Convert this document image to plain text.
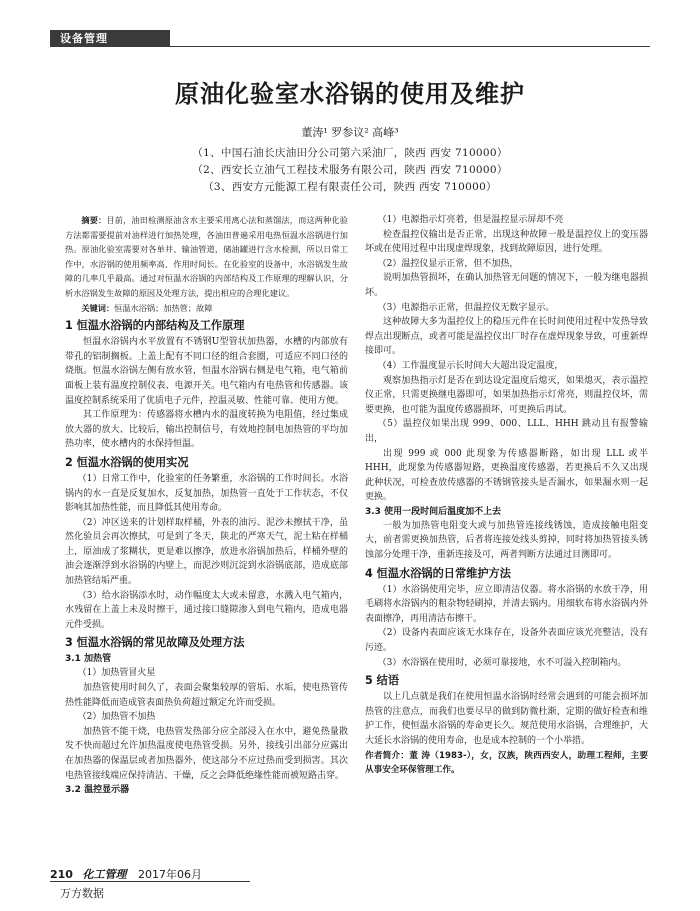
设备管理
原油化验室水浴锅的使用及维护
董涛¹ 罗参议² 高峰³
（1、中国石油长庆油田分公司第六采油厂，陕西 西安 710000）
（2、西安长立油气工程技术服务有限公司，陕西 西安 710000）
（3、西安方元能源工程有限责任公司，陕西 西安 710000）

摘要：目前，油田检测原油含水主要采用离心法和蒸馏法，而这两种化验方法都需要提前对油样进行加热处理，各油田普遍采用电热恒温水浴锅进行加热。原油化验室需要对各单井、输油管道，储油罐进行含水检测，所以日常工作中，水浴锅的使用频率高、作用时间长。在化验室的设备中，水浴锅发生故障的几率几乎最高。通过对恒温水浴锅的内部结构及工作原理的理解认识，分析水浴锅发生故障的原因及处理方法，提出相应的合理化建议。

关键词：恒温水浴锅；加热管；故障

1 恒温水浴锅的内部结构及工作原理

恒温水浴锅内水平放置有不锈钢U型管状加热器，水槽的内部放有带孔的铝制搁板。上盖上配有不同口径的组合套圈，可适应不同口径的烧瓶。恒温水浴锅左侧有放水管，恒温水浴锅右侧是电气箱，电气箱前面板上装有温度控制仪表、电源开关。电气箱内有电热管和传感器。该温度控制系统采用了优质电子元件，控温灵敏、性能可靠、使用方便。

其工作原理为：传感器将水槽内水的温度转换为电阻值，经过集成放大器的放大、比较后，输出控制信号，有效地控制电加热管的平均加热功率，使水槽内的水保持恒温。

2 恒温水浴锅的使用实况

（1）日常工作中，化验室的任务繁重，水浴锅的工作时间长。水浴锅内的水一直是反复加水，反复加热，加热管一直处于工作状态，不仅影响其加热性能，而且降低其使用寿命。

（2）冲区送来的计划样取样桶，外表的油污、泥沙未擦拭干净，虽然化验员会再次擦拭，可是到了冬天，陕北的严寒天气，泥土粘在样桶上，原油成了浆糊状，更是难以擦净，放进水浴锅加热后，样桶外壁的油会逐渐浮到水浴锅的内壁上，而泥沙则沉淀到水浴锅底部，造成底部加热管结垢严重。

（3）给水浴锅添水时，动作幅度太大或未留意，水溅入电气箱内，水残留在上盖上未及时擦干，通过接口缝隙渗入到电气箱内，造成电器元件受损。

3 恒温水浴锅的常见故障及处理方法
3.1 加热管

（1）加热管冒火星

加热管使用时间久了，表面会聚集较厚的管垢、水垢，使电热管传热性能降低而造成管表面热负荷超过额定允许而受损。

（2）加热管不加热

加热管不能干烧，电热管发热部分应全部浸入在水中，避免热量散发不快而超过允许加热温度使电热管受损。另外，接线引出部分应露出在加热器的保温层或者加热器外，使这部分不应过热而受到损害。其次电热管接线端应保持清洁、干燥，反之会降低绝缘性能而被短路击穿。

3.2 温控显示器

（1）电源指示灯亮着，但是温控显示屏却不亮

检查温控仪输出是否正常，出现这种故障一般是温控仪上的变压器坏或在使用过程中出现虚焊现象，找到故障原因，进行处理。

（2）温控仪显示正常，但不加热，

说明加热管损坏，在确认加热管无问题的情况下，一般为继电器损坏。

（3）电源指示正常，但温控仪无数字显示。

这种故障大多为温控仪上的稳压元件在长时间使用过程中发热导致焊点出现断点，或者可能是温控仪出厂时存在虚焊现象导致，可重新焊接即可。

（4）工作温度显示长时间大大超出设定温度，

观察加热指示灯是否在到达设定温度后熄灭，如果熄灭，表示温控仪正常，只需更换继电器即可，如果加热指示灯常亮，则温控仪坏，需要更换，也可能为温度传感器损坏，可更换后再试。

（5）温控仪如果出现 999、000、LLL、HHH 跳动且有报警输出，

出现 999 或 000 此现象为传感器断路，如出现 LLL 或半 HHH，此现象为传感器短路，更换温度传感器，若更换后不久又出现此种状况，可检查放传感器的不锈钢管接头是否漏水，如果漏水则一起更换。

3.3 使用一段时间后温度加不上去

一般为加热管电阻变大或与加热管连接线锈蚀，造成接触电阻变大，前者需更换加热管，后者将连接处线头剪掉，同时将加热管接头锈蚀部分处理干净，重新连接及可，两者判断方法通过目测即可。

4 恒温水浴锅的日常维护方法

（1）水浴锅使用完毕，应立即清洁仪器。将水浴锅的水放干净，用毛刷将水浴锅内的粗杂物轻刷掉，并清去锅内。用细软布将水浴锅内外表面擦净，再用清洁布擦干。

（2）设备内表面应该无水珠存在，设备外表面应该光亮整洁，没有污迹。

（3）水浴锅在使用时，必须可靠接地，水不可溢入控制箱内。

5 结语

以上几点就是我们在使用恒温水浴锅时经常会遇到的可能会损坏加热管的注意点，而我们也要尽早的做到防微杜渐，定期的做好检查和维护工作，使恒温水浴锅的寿命更长久。规范使用水浴锅，合理维护，大大延长水浴锅的使用寿命，也是成本控制的一个小举措。

作者简介：董 涛（1983-），女，汉族，陕西西安人，助理工程师，主要从事安全环保管理工作。

210 化工管理 2017年06月
万方数据
